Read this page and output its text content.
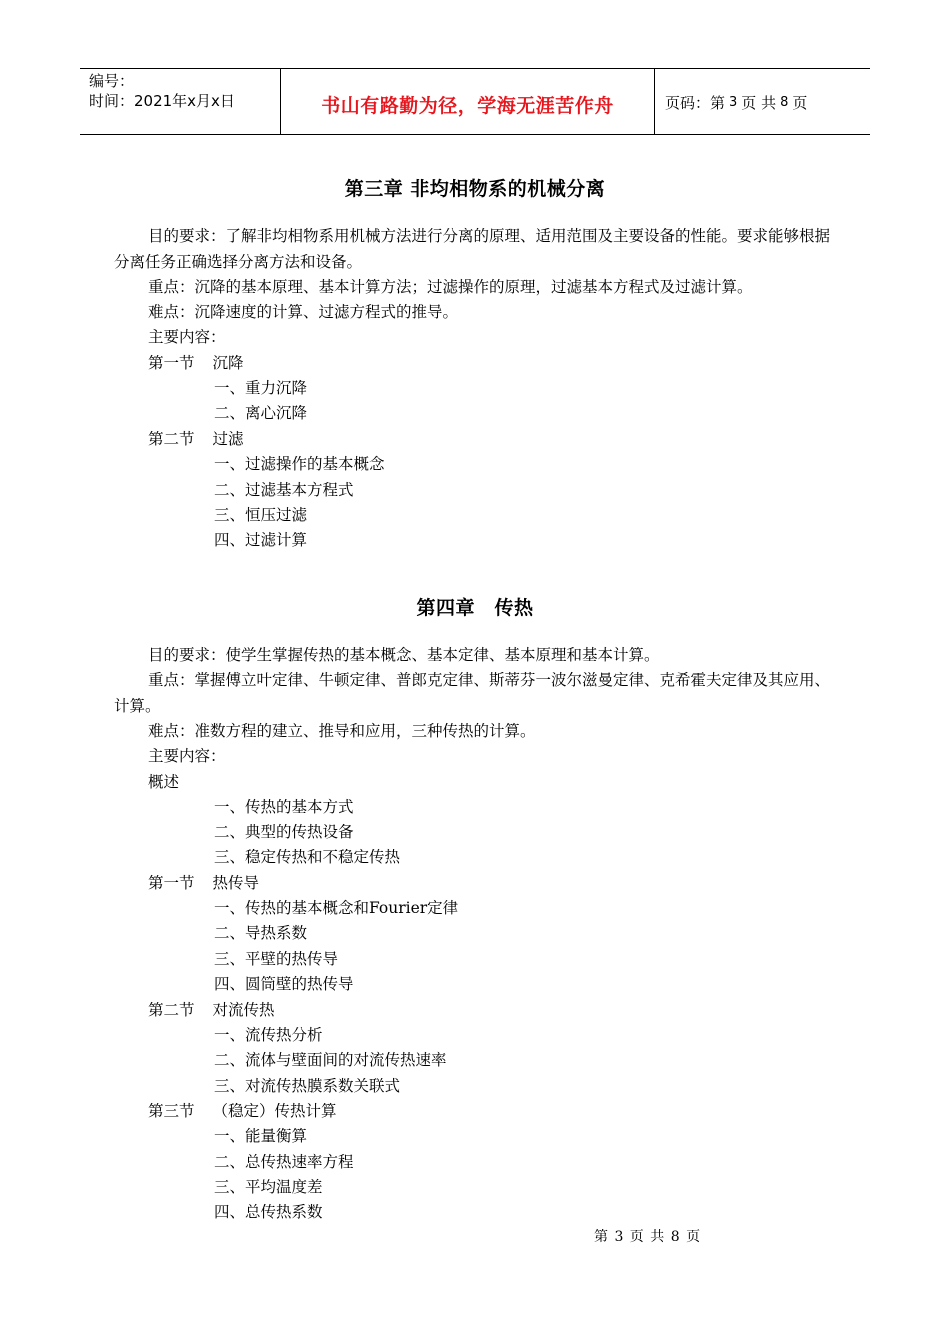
编号：
时间：2021年x月x日	书山有路勤为径，学海无涯苦作舟	页码：第 3 页 共 8 页
第三章 非均相物系的机械分离

目的要求：了解非均相物系用机械方法进行分离的原理、适用范围及主要设备的性能。要求能够根据分离任务正确选择分离方法和设备。

重点：沉降的基本原理、基本计算方法；过滤操作的原理，过滤基本方程式及过滤计算。

难点：沉降速度的计算、过滤方程式的推导。

主要内容：

第一节 沉降

一、重力沉降

二、离心沉降

第二节 过滤

一、过滤操作的基本概念

二、过滤基本方程式

三、恒压过滤

四、过滤计算

第四章　传热

目的要求：使学生掌握传热的基本概念、基本定律、基本原理和基本计算。

重点：掌握傅立叶定律、牛顿定律、普郎克定律、斯蒂芬一波尔滋曼定律、克希霍夫定律及其应用、计算。

难点：准数方程的建立、推导和应用，三种传热的计算。

主要内容：

概述

一、传热的基本方式

二、典型的传热设备

三、稳定传热和不稳定传热

第一节 热传导

一、传热的基本概念和Fourier定律

二、导热系数

三、平壁的热传导

四、圆筒壁的热传导

第二节 对流传热

一、流传热分析

二、流体与壁面间的对流传热速率

三、对流传热膜系数关联式

第三节 （稳定）传热计算

一、能量衡算

二、总传热速率方程

三、平均温度差

四、总传热系数

第 3 页 共 8 页
